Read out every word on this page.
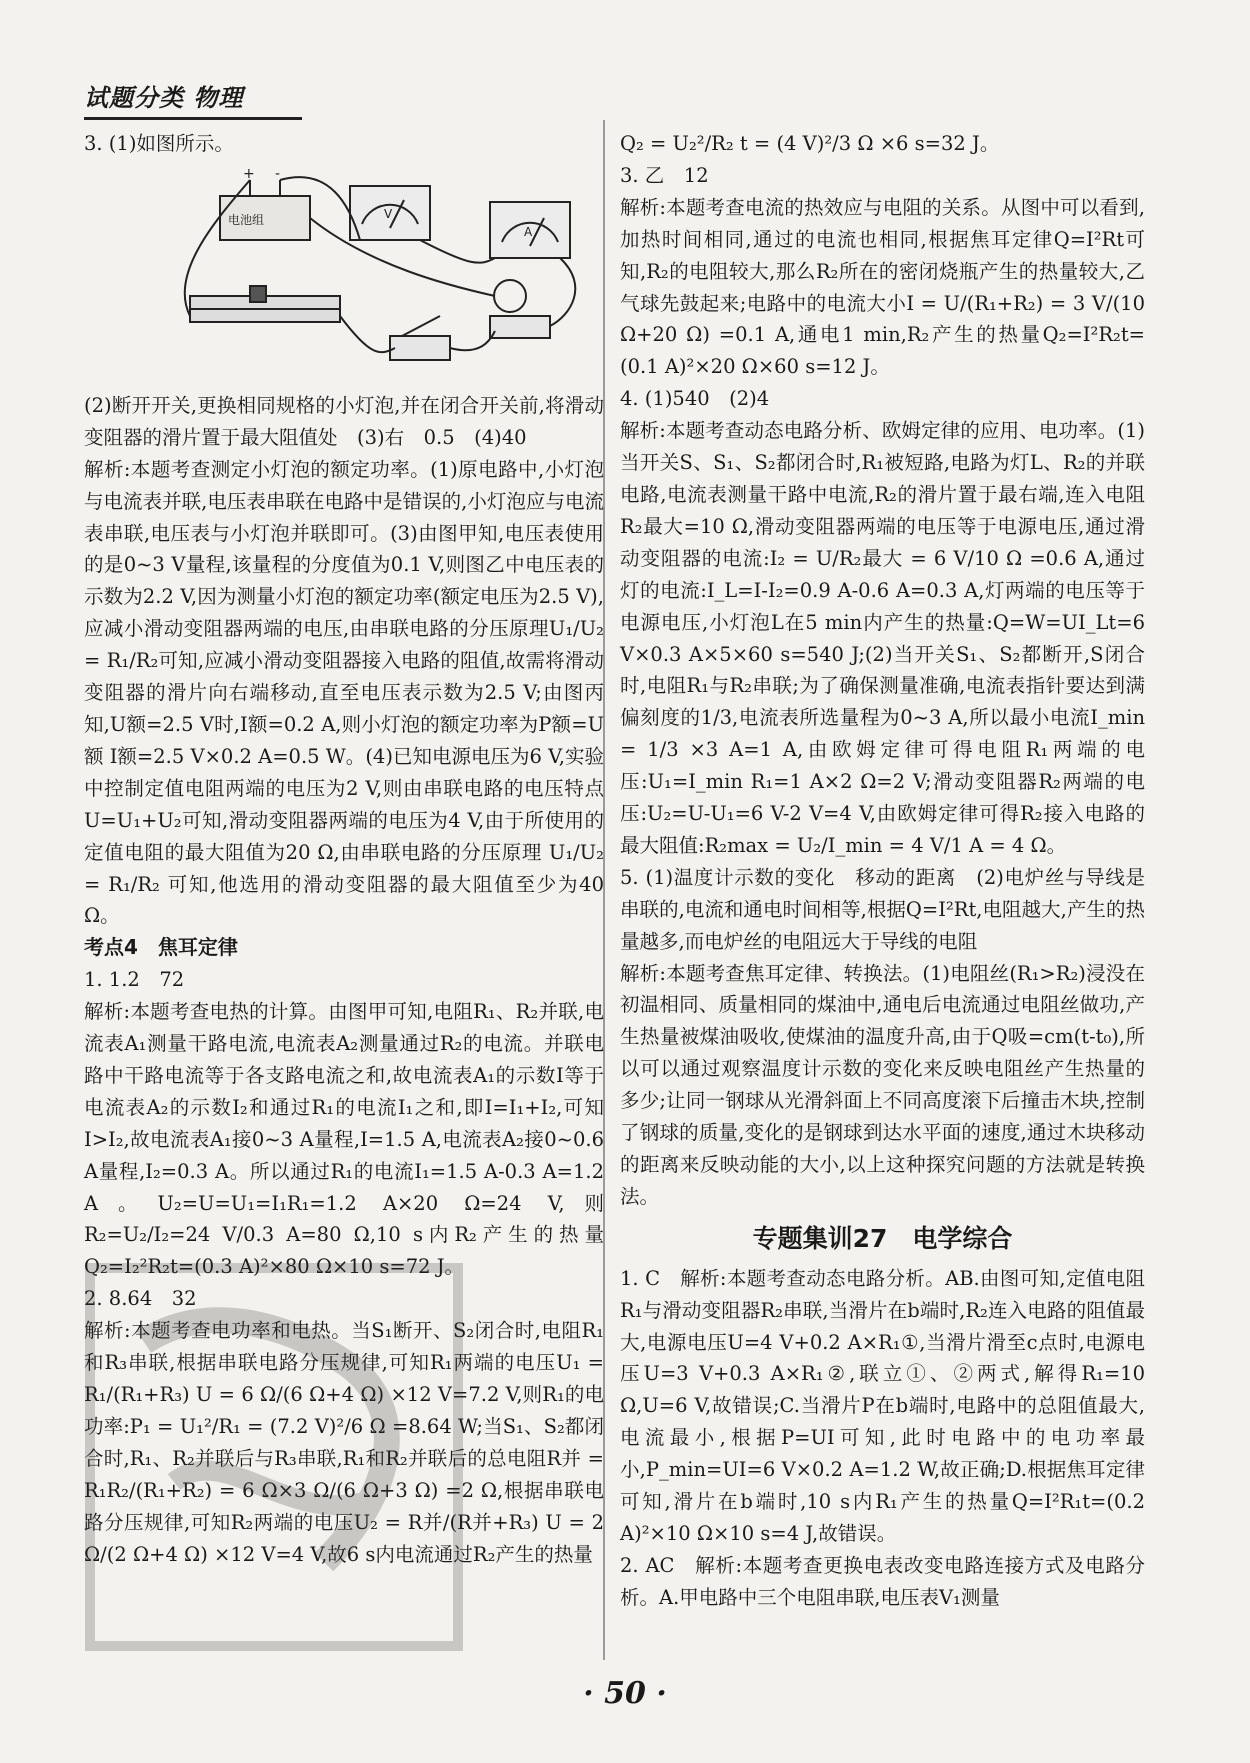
试题分类 物理

3. (1)如图所示。

电池组
+ -
V
A

(2)断开开关,更换相同规格的小灯泡,并在闭合开关前,将滑动变阻器的滑片置于最大阻值处　(3)右　0.5　(4)40

解析:本题考查测定小灯泡的额定功率。(1)原电路中,小灯泡与电流表并联,电压表串联在电路中是错误的,小灯泡应与电流表串联,电压表与小灯泡并联即可。(3)由图甲知,电压表使用的是0~3 V量程,该量程的分度值为0.1 V,则图乙中电压表的示数为2.2 V,因为测量小灯泡的额定功率(额定电压为2.5 V),应减小滑动变阻器两端的电压,由串联电路的分压原理U₁/U₂ = R₁/R₂可知,应减小滑动变阻器接入电路的阻值,故需将滑动变阻器的滑片向右端移动,直至电压表示数为2.5 V;由图丙知,U额=2.5 V时,I额=0.2 A,则小灯泡的额定功率为P额=U额 I额=2.5 V×0.2 A=0.5 W。(4)已知电源电压为6 V,实验中控制定值电阻两端的电压为2 V,则由串联电路的电压特点U=U₁+U₂可知,滑动变阻器两端的电压为4 V,由于所使用的定值电阻的最大阻值为20 Ω,由串联电路的分压原理 U₁/U₂ = R₁/R₂ 可知,他选用的滑动变阻器的最大阻值至少为40 Ω。

考点4　焦耳定律

1. 1.2　72

解析:本题考查电热的计算。由图甲可知,电阻R₁、R₂并联,电流表A₁测量干路电流,电流表A₂测量通过R₂的电流。并联电路中干路电流等于各支路电流之和,故电流表A₁的示数I等于电流表A₂的示数I₂和通过R₁的电流I₁之和,即I=I₁+I₂,可知I>I₂,故电流表A₁接0~3 A量程,I=1.5 A,电流表A₂接0~0.6 A量程,I₂=0.3 A。所以通过R₁的电流I₁=1.5 A-0.3 A=1.2 A。U₂=U=U₁=I₁R₁=1.2 A×20 Ω=24 V,则R₂=U₂/I₂=24 V/0.3 A=80 Ω,10 s内R₂产生的热量Q₂=I₂²R₂t=(0.3 A)²×80 Ω×10 s=72 J。

2. 8.64　32

解析:本题考查电功率和电热。当S₁断开、S₂闭合时,电阻R₁和R₃串联,根据串联电路分压规律,可知R₁两端的电压U₁ = R₁/(R₁+R₃) U = 6 Ω/(6 Ω+4 Ω) ×12 V=7.2 V,则R₁的电功率:P₁ = U₁²/R₁ = (7.2 V)²/6 Ω =8.64 W;当S₁、S₂都闭合时,R₁、R₂并联后与R₃串联,R₁和R₂并联后的总电阻R并 = R₁R₂/(R₁+R₂) = 6 Ω×3 Ω/(6 Ω+3 Ω) =2 Ω,根据串联电路分压规律,可知R₂两端的电压U₂ = R并/(R并+R₃) U = 2 Ω/(2 Ω+4 Ω) ×12 V=4 V,故6 s内电流通过R₂产生的热量

Q₂ = U₂²/R₂ t = (4 V)²/3 Ω ×6 s=32 J。

3. 乙　12

解析:本题考查电流的热效应与电阻的关系。从图中可以看到,加热时间相同,通过的电流也相同,根据焦耳定律Q=I²Rt可知,R₂的电阻较大,那么R₂所在的密闭烧瓶产生的热量较大,乙气球先鼓起来;电路中的电流大小I = U/(R₁+R₂) = 3 V/(10 Ω+20 Ω) =0.1 A,通电1 min,R₂产生的热量Q₂=I²R₂t=(0.1 A)²×20 Ω×60 s=12 J。

4. (1)540　(2)4

解析:本题考查动态电路分析、欧姆定律的应用、电功率。(1)当开关S、S₁、S₂都闭合时,R₁被短路,电路为灯L、R₂的并联电路,电流表测量干路中电流,R₂的滑片置于最右端,连入电阻R₂最大=10 Ω,滑动变阻器两端的电压等于电源电压,通过滑动变阻器的电流:I₂ = U/R₂最大 = 6 V/10 Ω =0.6 A,通过灯的电流:I_L=I-I₂=0.9 A-0.6 A=0.3 A,灯两端的电压等于电源电压,小灯泡L在5 min内产生的热量:Q=W=UI_Lt=6 V×0.3 A×5×60 s=540 J;(2)当开关S₁、S₂都断开,S闭合时,电阻R₁与R₂串联;为了确保测量准确,电流表指针要达到满偏刻度的1/3,电流表所选量程为0~3 A,所以最小电流I_min = 1/3 ×3 A=1 A,由欧姆定律可得电阻R₁两端的电压:U₁=I_min R₁=1 A×2 Ω=2 V;滑动变阻器R₂两端的电压:U₂=U-U₁=6 V-2 V=4 V,由欧姆定律可得R₂接入电路的最大阻值:R₂max = U₂/I_min = 4 V/1 A = 4 Ω。

5. (1)温度计示数的变化　移动的距离　(2)电炉丝与导线是串联的,电流和通电时间相等,根据Q=I²Rt,电阻越大,产生的热量越多,而电炉丝的电阻远大于导线的电阻

解析:本题考查焦耳定律、转换法。(1)电阻丝(R₁>R₂)浸没在初温相同、质量相同的煤油中,通电后电流通过电阻丝做功,产生热量被煤油吸收,使煤油的温度升高,由于Q吸=cm(t-t₀),所以可以通过观察温度计示数的变化来反映电阻丝产生热量的多少;让同一钢球从光滑斜面上不同高度滚下后撞击木块,控制了钢球的质量,变化的是钢球到达水平面的速度,通过木块移动的距离来反映动能的大小,以上这种探究问题的方法就是转换法。

专题集训27　电学综合

1. C　解析:本题考查动态电路分析。AB.由图可知,定值电阻R₁与滑动变阻器R₂串联,当滑片在b端时,R₂连入电路的阻值最大,电源电压U=4 V+0.2 A×R₁①,当滑片滑至c点时,电源电压U=3 V+0.3 A×R₁②,联立①、②两式,解得R₁=10 Ω,U=6 V,故错误;C.当滑片P在b端时,电路中的总阻值最大,电流最小,根据P=UI可知,此时电路中的电功率最小,P_min=UI=6 V×0.2 A=1.2 W,故正确;D.根据焦耳定律可知,滑片在b端时,10 s内R₁产生的热量Q=I²R₁t=(0.2 A)²×10 Ω×10 s=4 J,故错误。

2. AC　解析:本题考查更换电表改变电路连接方式及电路分析。A.甲电路中三个电阻串联,电压表V₁测量

· 50 ·
